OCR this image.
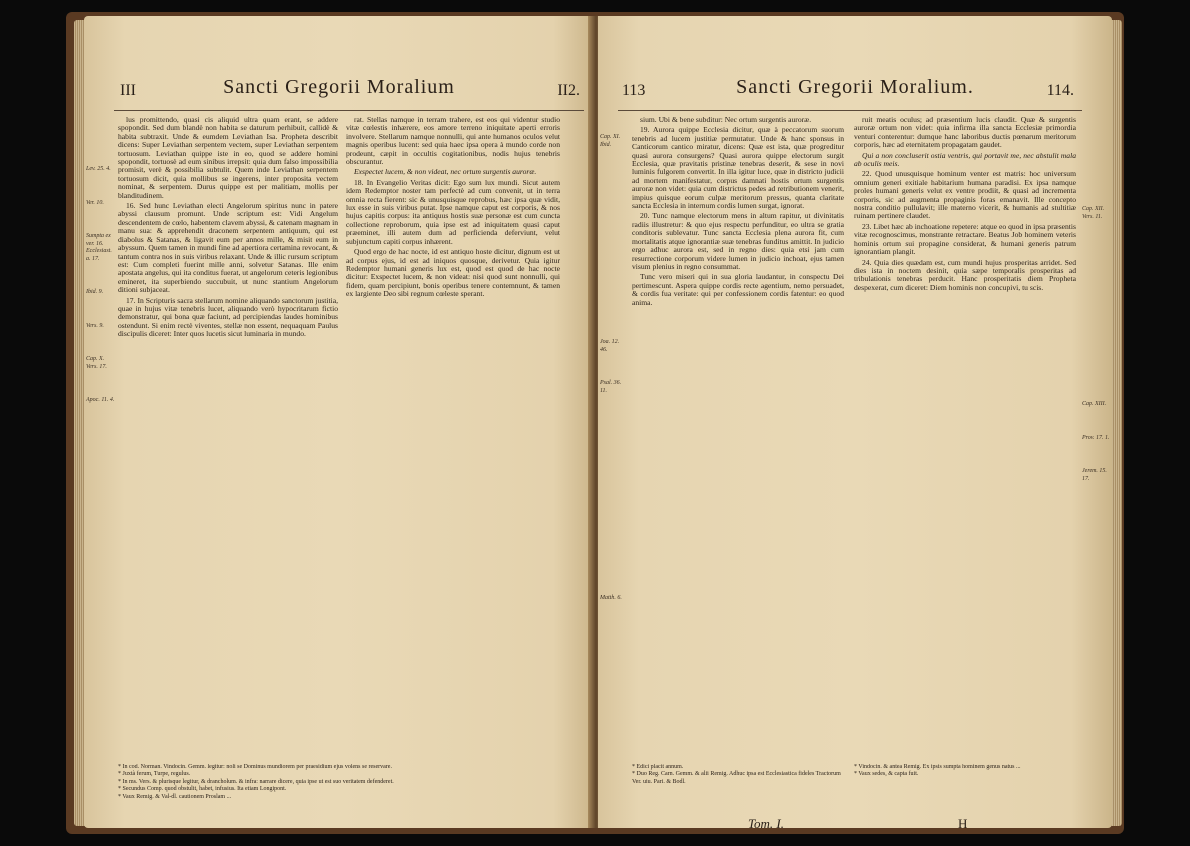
III	Sancti Gregorii Moralium	II2.
Lev. 25. 4.
Ver. 10.
Sumpta ex ver. 16. Ecclesiast. a. 17.
Ibid. 9.
Vers. 9.
Cap. X. Vers. 17.
Apoc. 11. 4.

lus promittendo, quasi cis aliquid ultra quam erant, se addere spopondit. Sed dum blandè non habita se daturum perhibuit, callidè & habita subtraxit. Unde & eumdem Leviathan Isa. Propheta describit dicens: Super Leviathan serpentem vectem, super Leviathan serpentem tortuosum. Leviathan quippe iste in eo, quod se addere homini spopondit, tortuosè ad eum sinibus irrepsit: quia dum falso impossibilia promisit, verè & possibilia subtulit. Quem inde Leviathan serpentem tortuosum dicit, quia mollibus se ingerens, inter proposita vectem nominat, & serpentem. Durus quippe est per malitiam, mollis per blanditudinem.

16. Sed hunc Leviathan electi Angelorum spiritus nunc in patere abyssi clausum promunt. Unde scriptum est: Vidi Angelum descendentem de cœlo, habentem clavem abyssi, & catenam magnam in manu sua: & apprehendit draconem serpentem antiquum, qui est diabolus & Satanas, & ligavit eum per annos mille, & misit eum in abyssum. Quem tamen in mundi fine ad apertiora certamina revocant, & tantum contra nos in suis viribus relaxant. Unde & illic rursum scriptum est: Cum completi fuerint mille anni, solvetur Satanas. Ille enim apostata angelus, qui ita conditus fuerat, ut angelorum ceteris legionibus emineret, ita superbiendo succubuit, ut nunc stantium Angelorum ditioni subjaceat.

17. In Scripturis sacra stellarum nomine aliquando sanctorum justitia, quae in hujus vitæ tenebris lucet, aliquando verò hypocritarum fictio demonstratur, qui bona quæ faciunt, ad percipiendas laudes hominibus ostendunt. Si enim rectè viventes, stellæ non essent, nequaquam Paulus discipulis diceret: Inter quos lucetis sicut luminaria in mundo.

rat. Stellas namque in terram trahere, est eos qui videntur studio vitæ cœlestis inhærere, eos amore terreno iniquitate aperti erroris involvere. Stellarum namque nonnulli, qui ante humanos oculos velut magnis operibus lucent: sed quia haec ipsa opera à mundo corde non prodeunt, cæpit in occultis cogitationibus, nodis hujus tenebris obscurantur.

Exspectet lucem, & non videat, nec ortum surgentis auroræ.

18. In Evangelio Veritas dicit: Ego sum lux mundi. Sicut autem idem Redemptor noster tam perfectè ad cum convenit, ut in terra omnia recta fierent: sic & unusquisque reprobus, hæc ipsa quæ vidit, lux esse in suis viribus putat. Ipse namque caput est corporis, & nos hujus capitis corpus: ita antiquus hostis suæ personæ est cum cuncta collectione reproborum, quia ipse est ad iniquitatem quasi caput præeminet, illi autem dum ad perficienda deferviunt, velut subjunctum capiti corpus inhærent.

Quod ergo de hac nocte, id est antiquo hoste dicitur, dignum est ut ad corpus ejus, id est ad iniquos quosque, derivetur. Quia igitur Redemptor humani generis lux est, quod est quod de hac nocte dicitur: Exspectet lucem, & non videat: nisi quod sunt nonnulli, qui fidem, quam percipiunt, bonis operibus tenere contemnunt, & tamen ex largiente Deo sibi regnum cœleste sperant.

* In cod. Norman. Vindocin. Gemm. legitur: noli se Dominus mundiorem per praesidium ejus volens se reservare.

* Juxtà ferum, Turpe, regulus.

* In ms. Vers. & plurisque legitur, & drancholum. & infra: narrare dicere, quia ipse ut est suo veritatem defenderet.

* Secundus Comp. quod obstulit, habet, infusius. Ita etiam Longipont.

* Vaux Remig. & Val-dl. cautionem Proslam ...

113	Sancti Gregorii Moralium.	114.
Cap. XI. Ibid.
Joa. 12. 46.
Psal. 36. 11.
Matth. 6.
Cap. XII. Vers. 11.
Cap. XIII.
Prov. 17. 1.
Jerem. 15. 17.

sium. Ubi & bene subditur: Nec ortum surgentis auroræ.

19. Aurora quippe Ecclesia dicitur, quæ à peccatorum suorum tenebris ad lucem justitiæ permutatur. Unde & hanc sponsus in Canticorum cantico miratur, dicens: Quæ est ista, quæ progreditur quasi aurora consurgens? Quasi aurora quippe electorum surgit Ecclesia, quæ pravitatis pristinæ tenebras deserit, & sese in novi luminis fulgorem convertit. In illa igitur luce, quæ in districto judicii ad mortem manifestatur, corpus damnati hostis ortum surgentis auroræ non videt: quia cum districtus pedes ad retributionem venerit, impius quisque eorum culpæ meritorum pressus, quanta claritate sancta Ecclesia in internum cordis lumen surgat, ignorat.

20. Tunc namque electorum mens in altum rapitur, ut divinitatis radiis illustretur: & quo ejus respectu perfunditur, eo ultra se gratia conditoris sublevatur. Tunc sancta Ecclesia plena aurora fit, cum mortalitatis atque ignorantiæ suæ tenebras funditus amittit. In judicio ergo adhuc aurora est, sed in regno dies: quia etsi jam cum resurrectione corporum videre lumen in judicio inchoat, ejus tamen visum plenius in regno consummat.

Tunc vero miseri qui in sua gloria laudantur, in conspectu Dei pertimescunt. Aspera quippe cordis recte agentium, nemo persuadet, & cordis fua veritate: qui per confessionem cordis fatentur: eo quod anima.

ruit meatis oculus; ad præsentium lucis claudit. Quæ & surgentis auroræ ortum non videt: quia infirma illa sancta Ecclesiæ primordia venturi conterentur: dumque hanc laboribus ductis pœnarum meritorum corporis, hæc ad eternitatem propagatam gaudet.

Qui a non concluserit ostia ventris, qui portavit me, nec abstulit mala ab oculis meis.

22. Quod unusquisque hominum venter est matris: hoc universum omnium generi exitiale habitarium humana paradisi. Ex ipsa namque proles humani generis velut ex ventre prodiit, & quasi ad incrementa corporis, sic ad augmenta propaginis foras emanavit. Ille concepto nostra conditio pullulavit; ille materno vicerit, & humanis ad stultitiæ ruinam pertinere claudet.

23. Libet hæc ab inchoatione repetere: atque eo quod in ipsa præsentis vitæ recognoscimus, monstrante retractare. Beatus Job hominem veteris hominis ortum sui propagine considerat, & humani generis patrum ignorantiam plangit.

24. Quia dies quædam est, cum mundi hujus prosperitas arridet. Sed dies ista in noctem desinit, quia sæpe temporalis prosperitas ad tribulationis tenebras perducit. Hanc prosperitatis diem Propheta despexerat, cum diceret: Diem hominis non concupivi, tu scis.

* Edici placit annum.

* Duo Reg. Carn. Gemm. & alii Remig. Adhuc ipsa est Ecclesiastica fideles Tractorum Ver. uiu. Pari. & Bodl.

* Vindocin. & antea Remig. Ex ipsis sumpta hominem genus natus ...

* Vaux sedes, & capta fuit.

Tom. I.	H
